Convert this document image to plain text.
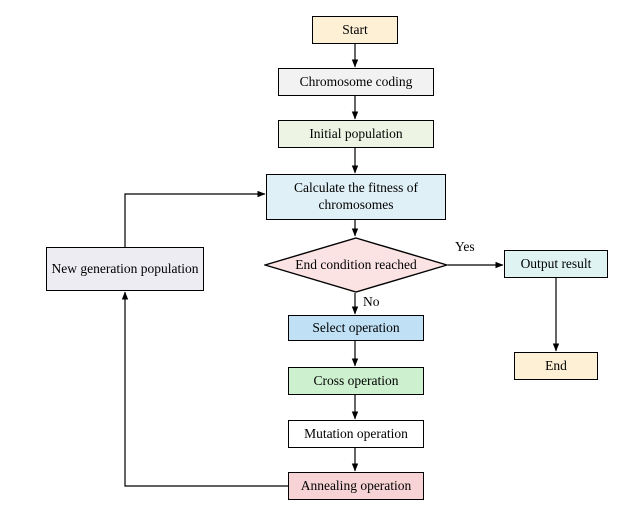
Start
Chromosome coding
Initial population
Calculate the fitness of chromosomes
New generation population	Output result
End
Select operation
Cross operation
Mutation operation
Annealing operation
End condition reached
Yes
No
